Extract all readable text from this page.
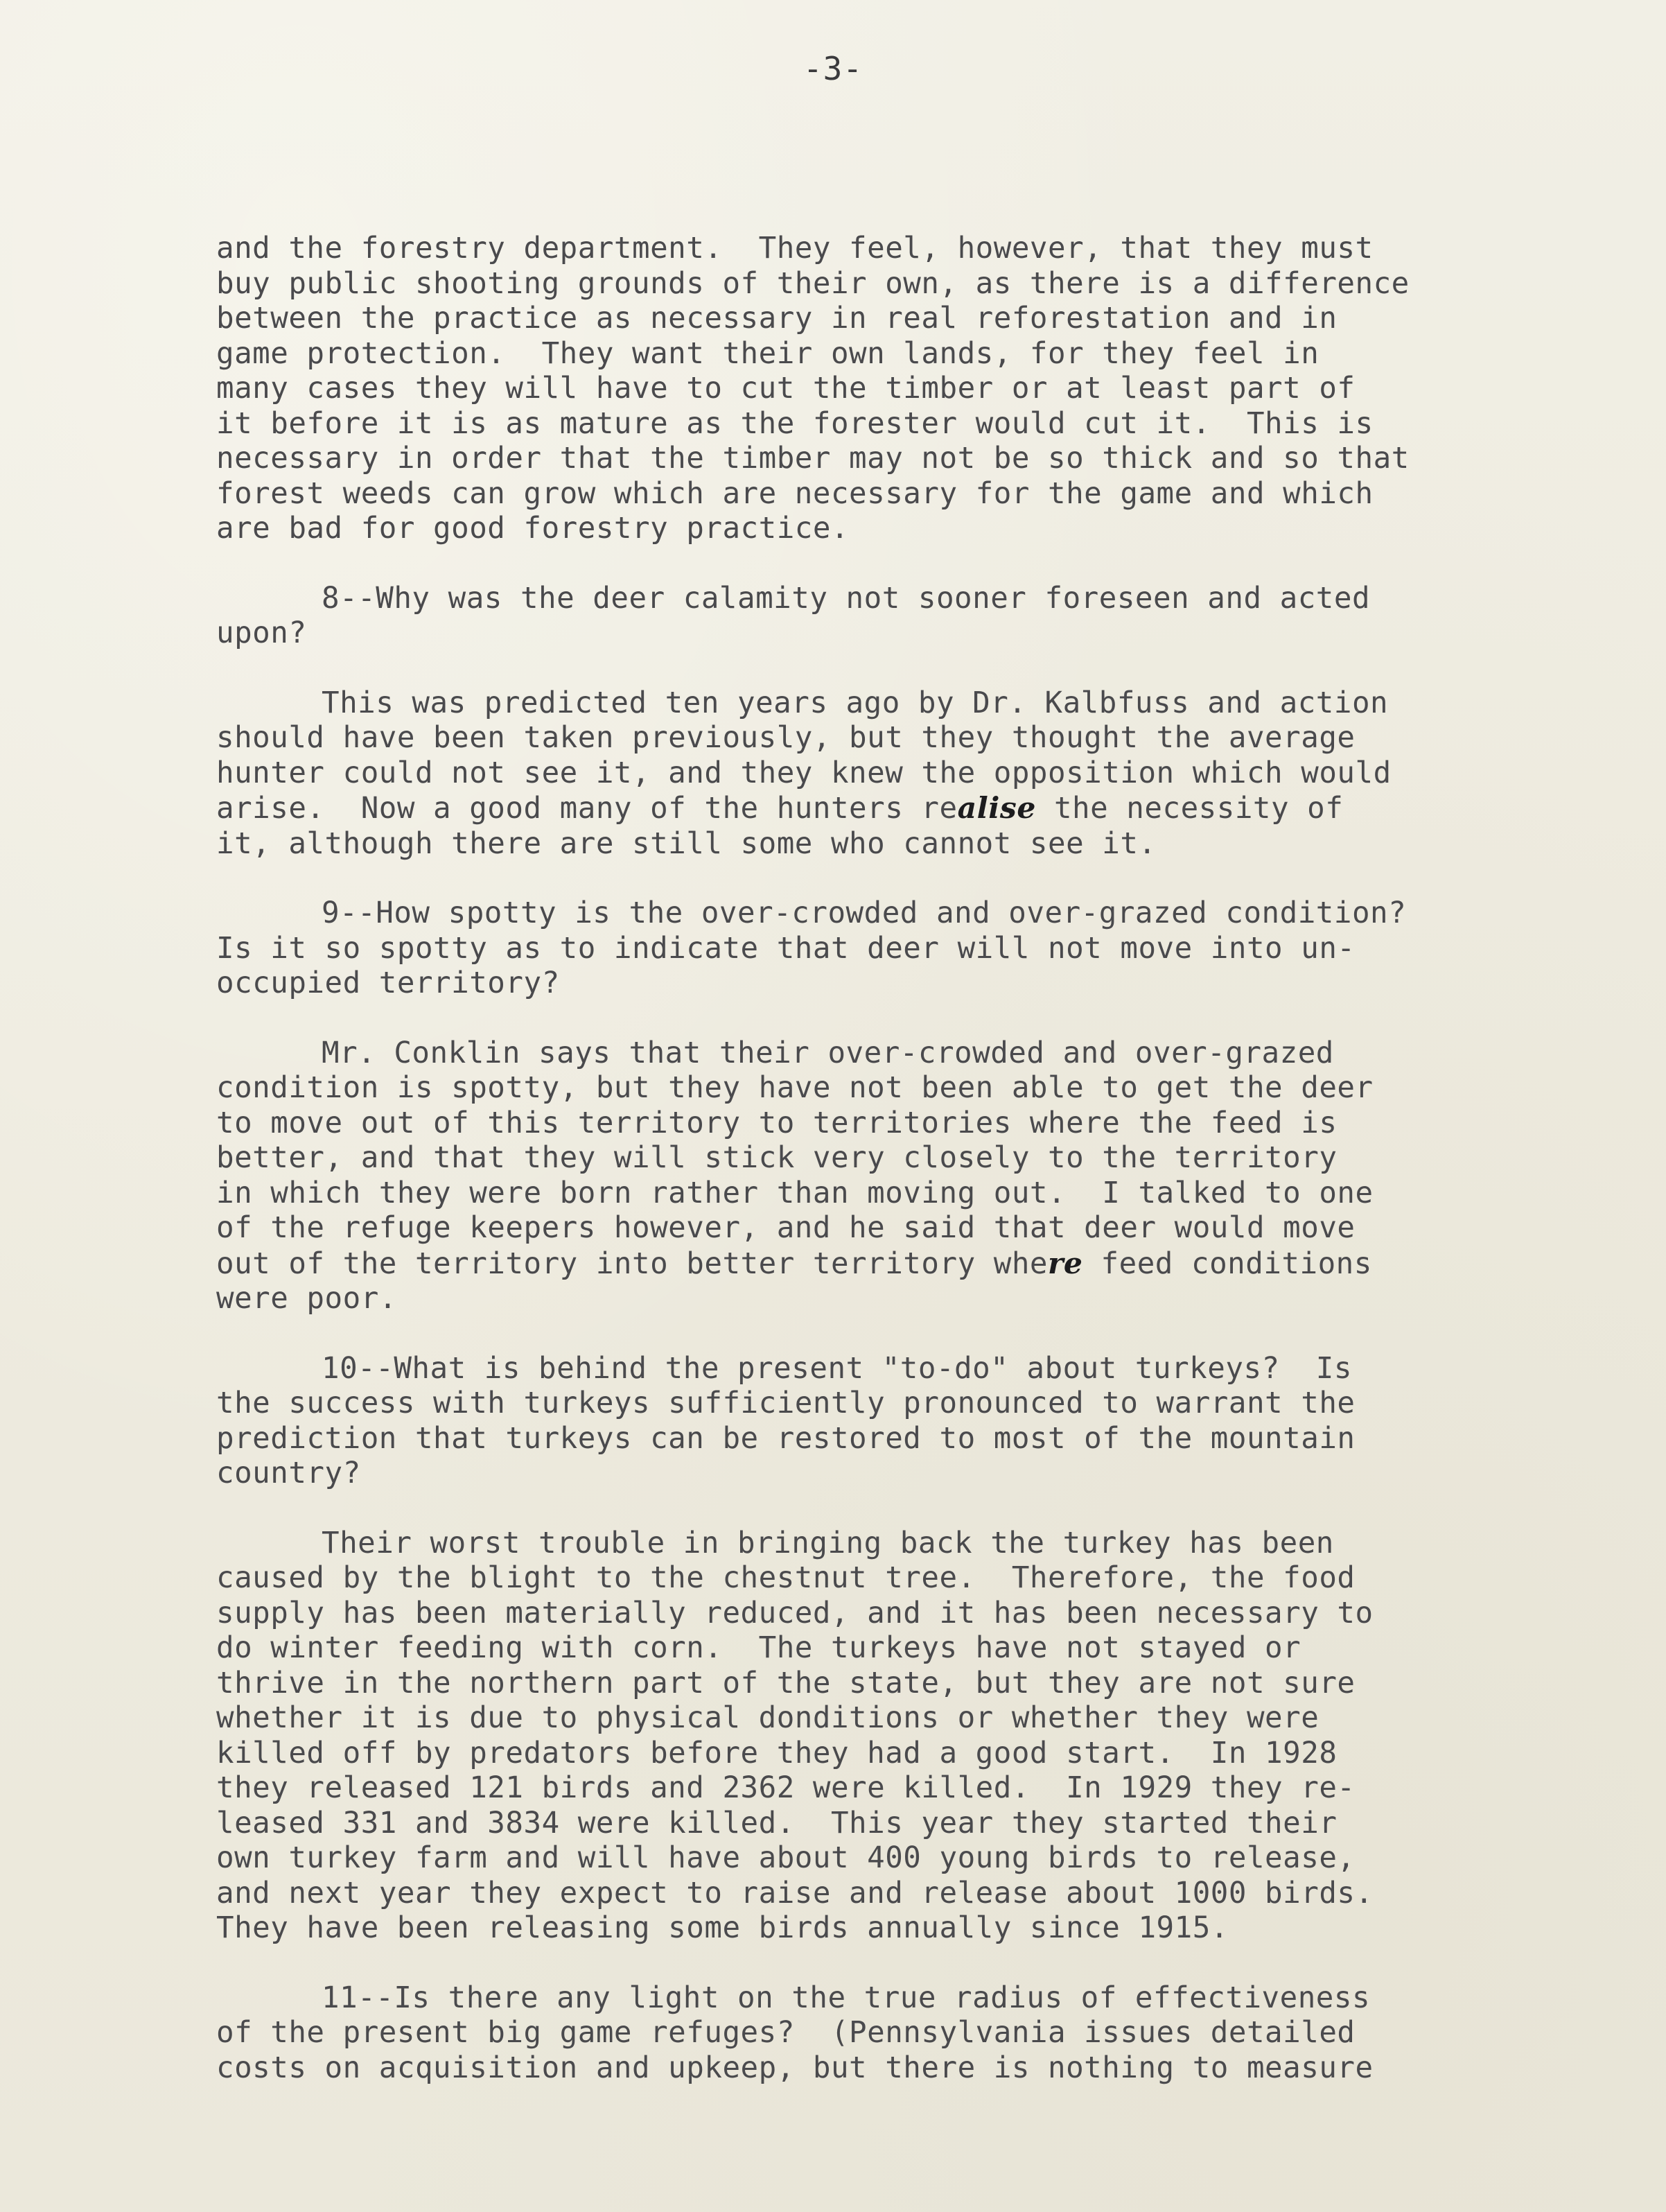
-3-
and the forestry department.  They feel, however, that they must
buy public shooting grounds of their own, as there is a difference
between the practice as necessary in real reforestation and in
game protection.  They want their own lands, for they feel in
many cases they will have to cut the timber or at least part of
it before it is as mature as the forester would cut it.  This is
necessary in order that the timber may not be so thick and so that
forest weeds can grow which are necessary for the game and which
are bad for good forestry practice.
8--Why was the deer calamity not sooner foreseen and acted
upon?
This was predicted ten years ago by Dr. Kalbfuss and action
should have been taken previously, but they thought the average
hunter could not see it, and they knew the opposition which would
arise.  Now a good many of the hunters realise the necessity of
it, although there are still some who cannot see it.
9--How spotty is the over-crowded and over-grazed condition?
Is it so spotty as to indicate that deer will not move into un-
occupied territory?
Mr. Conklin says that their over-crowded and over-grazed
condition is spotty, but they have not been able to get the deer
to move out of this territory to territories where the feed is
better, and that they will stick very closely to the territory
in which they were born rather than moving out.  I talked to one
of the refuge keepers however, and he said that deer would move
out of the territory into better territory where feed conditions
were poor.
10--What is behind the present "to-do" about turkeys?  Is
the success with turkeys sufficiently pronounced to warrant the
prediction that turkeys can be restored to most of the mountain
country?
Their worst trouble in bringing back the turkey has been
caused by the blight to the chestnut tree.  Therefore, the food
supply has been materially reduced, and it has been necessary to
do winter feeding with corn.  The turkeys have not stayed or
thrive in the northern part of the state, but they are not sure
whether it is due to physical donditions or whether they were
killed off by predators before they had a good start.  In 1928
they released 121 birds and 2362 were killed.  In 1929 they re-
leased 331 and 3834 were killed.  This year they started their
own turkey farm and will have about 400 young birds to release,
and next year they expect to raise and release about 1000 birds.
They have been releasing some birds annually since 1915.
11--Is there any light on the true radius of effectiveness
of the present big game refuges?  (Pennsylvania issues detailed
costs on acquisition and upkeep, but there is nothing to measure
